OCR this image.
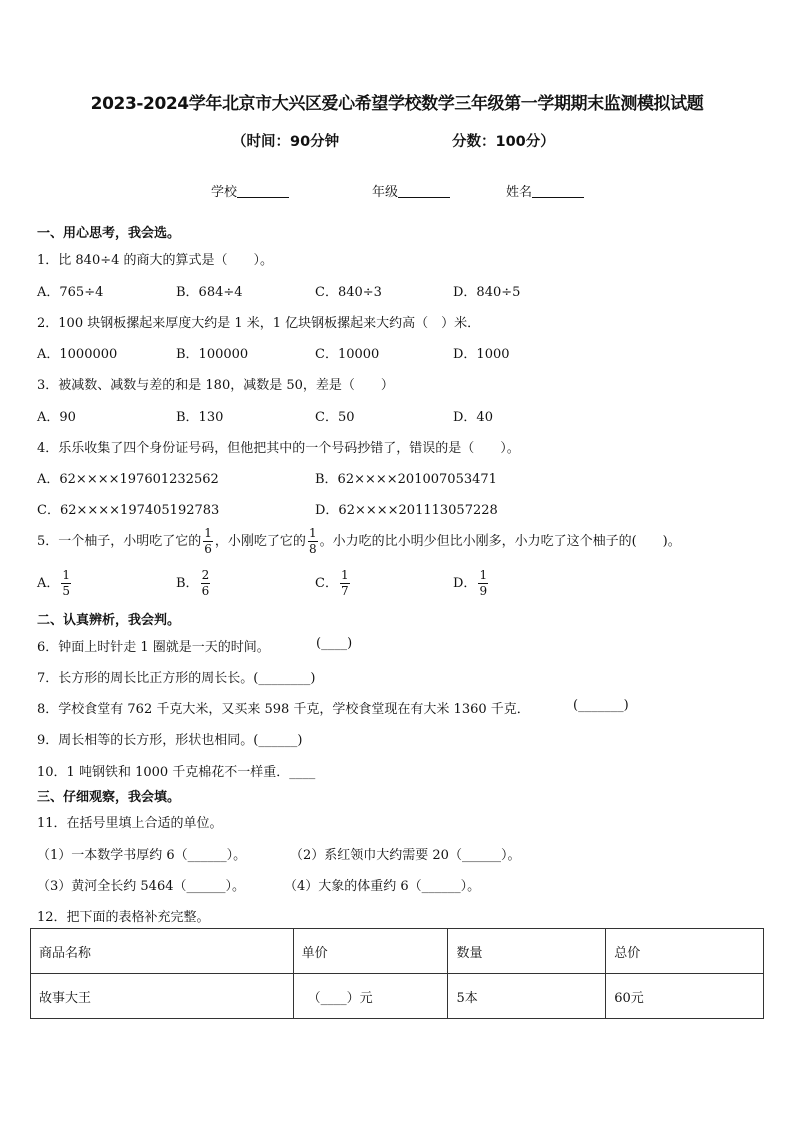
2023-2024学年北京市大兴区爱心希望学校数学三年级第一学期期末监测模拟试题
（时间：90分钟	分数：100分）
学校	年级	姓名
一、用心思考，我会选。
1．比 840÷4 的商大的算式是（　　）。
A．765÷4	B．684÷4	C．840÷3	D．840÷5
2．100 块钢板摞起来厚度大约是 1 米，1 亿块钢板摞起来大约高（　）米．
A．1000000	B．100000	C．10000	D．1000
3．被减数、减数与差的和是 180，减数是 50，差是（　　）
A．90	B．130	C．50	D．40
4．乐乐收集了四个身份证号码，但他把其中的一个号码抄错了，错误的是（　　）。
A．62××××197601232562	B．62××××201007053471
C．62××××197405192783	D．62××××201113057228
5．一个柚子，小明吃了它的 $\frac{1}{6}$ ，小刚吃了它的 $\frac{1}{8}$ 。小力吃的比小明少但比小刚多，小力吃了这个柚子的(　　)。
A． $\frac{1}{5}$	B． $\frac{2}{6}$	C． $\frac{1}{7}$	D． $\frac{1}{9}$
二、认真辨析，我会判。
6．钟面上时针走 1 圈就是一天的时间。	(____)
7．长方形的周长比正方形的周长长。(________)
8．学校食堂有 762 千克大米，又买来 598 千克，学校食堂现在有大米 1360 千克．	(_______)
9．周长相等的长方形，形状也相同。(______)
10．1 吨钢铁和 1000 千克棉花不一样重．____
三、仔细观察，我会填。
11．在括号里填上合适的单位。
（1）一本数学书厚约 6（______）。	（2）系红领巾大约需要 20（______）。
（3）黄河全长约 5464（______）。	（4）大象的体重约 6（______）。
12．把下面的表格补充完整。
商品名称	单价	数量	总价
故事大王	（____）元	5本	60元
